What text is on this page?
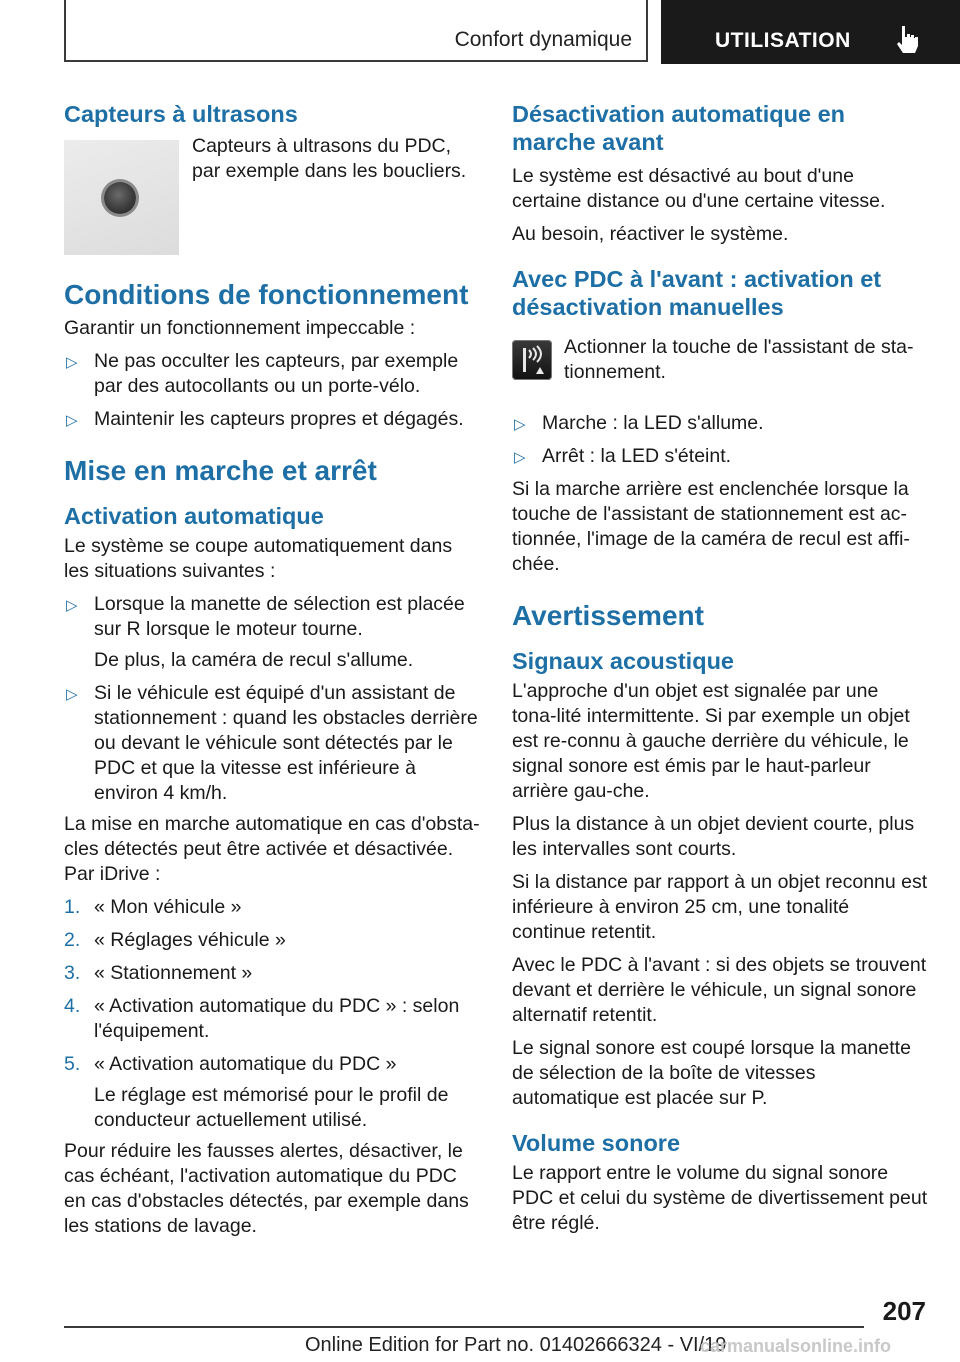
Confort dynamique	UTILISATION
Capteurs à ultrasons

Capteurs à ultrasons du PDC, par exemple dans les boucliers.

Conditions de fonctionnement

Garantir un fonctionnement impeccable :

▷ Ne pas occulter les capteurs, par exemple par des autocollants ou un porte-vélo.
▷ Maintenir les capteurs propres et dégagés.
Mise en marche et arrêt
Activation automatique

Le système se coupe automatiquement dans les situations suivantes :

▷ Lorsque la manette de sélection est placée sur R lorsque le moteur tourne.
De plus, la caméra de recul s'allume.
▷ Si le véhicule est équipé d'un assistant de stationnement : quand les obstacles derrière ou devant le véhicule sont détectés par le PDC et que la vitesse est inférieure à environ 4 km/h.

La mise en marche automatique en cas d'obsta‐cles détectés peut être activée et désactivée. Par iDrive :

1. « Mon véhicule »
2. « Réglages véhicule »
3. « Stationnement »
4. « Activation automatique du PDC » : selon l'équipement.
5. « Activation automatique du PDC »
Le réglage est mémorisé pour le profil de conducteur actuellement utilisé.

Pour réduire les fausses alertes, désactiver, le cas échéant, l'activation automatique du PDC en cas d'obstacles détectés, par exemple dans les stations de lavage.

Désactivation automatique en marche avant

Le système est désactivé au bout d'une certaine distance ou d'une certaine vitesse.

Au besoin, réactiver le système.

Avec PDC à l'avant : activation et désactivation manuelles

Actionner la touche de l'assistant de sta‐tionnement.

▷ Marche : la LED s'allume.
▷ Arrêt : la LED s'éteint.

Si la marche arrière est enclenchée lorsque la touche de l'assistant de stationnement est ac‐tionnée, l'image de la caméra de recul est affi‐chée.

Avertissement
Signaux acoustique

L'approche d'un objet est signalée par une tona‐lité intermittente. Si par exemple un objet est re‐connu à gauche derrière du véhicule, le signal sonore est émis par le haut-parleur arrière gau‐che.

Plus la distance à un objet devient courte, plus les intervalles sont courts.

Si la distance par rapport à un objet reconnu est inférieure à environ 25 cm, une tonalité continue retentit.

Avec le PDC à l'avant : si des objets se trouvent devant et derrière le véhicule, un signal sonore alternatif retentit.

Le signal sonore est coupé lorsque la manette de sélection de la boîte de vitesses automatique est placée sur P.

Volume sonore

Le rapport entre le volume du signal sonore PDC et celui du système de divertissement peut être réglé.

207
Online Edition for Part no. 01402666324 - VI/19
carmanualsonline.info
